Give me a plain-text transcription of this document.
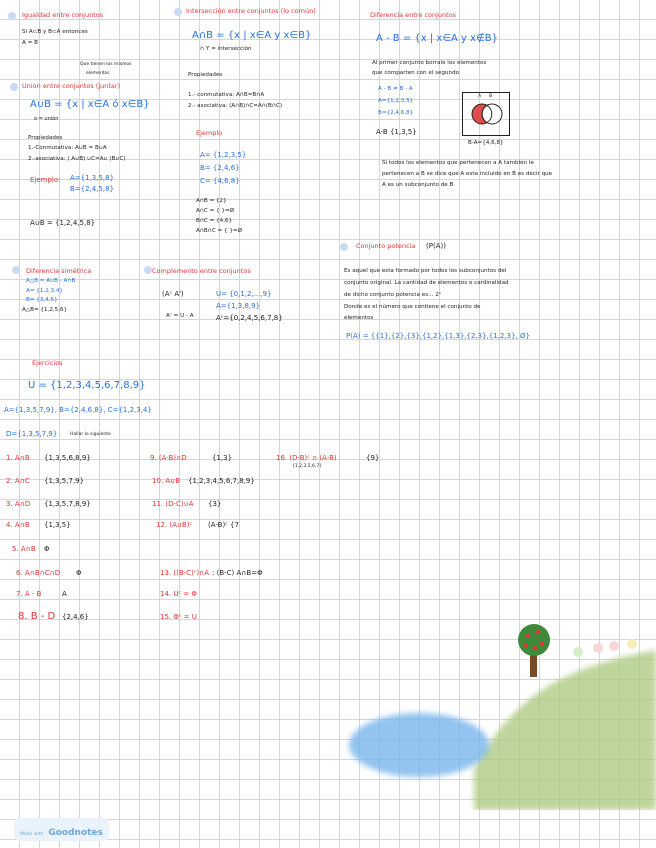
Igualdad entre conjuntos
Si A⊂B y B⊂A entonces
A = B
Que tienen los mismos
elementos
Unión entre conjuntos (juntar)
A∪B = {x | x∈A ó x∈B}
ó = unión
Propiedades
1.-Conmutativa: A∪B = B∪A
2.-asociativa: ( A∪B) ∪C=A∪ (B∪C)
Ejemplo: A={1,3,5,8}
B={2,4,5,8}
A∪B = {1,2,4,5,8}
Intersección entre conjuntos (lo común)
A∩B = {x | x∈A y x∈B}
∩ Y = intersección
Propiedades
1.- conmutativa: A∩B=B∩A
2.- asociativa: (A∩B)∩C=A∩(B∩C)
Ejemplo
A= {1,2,3,5}
B= {2,4,6}
C= {4,6,8}
A∩B = {2}
A∩C = { }=Ø
B∩C = {4,6}
A∩B∩C = { }=Ø
Diferencia entre conjuntos
A - B = {x | x∈A y x∉B}
Al primer conjunto borrale los elementos
que comparten con el segundo
A - B ≠ B - A
A={1,2,3,5}
B={2,4,6,8}
A-B {1,3,5}
A B
B-A={4,6,8}
Si todos los elementos que pertenecen a A también le
pertenecen a B se dice que A esta incluido en B es decir que
A es un subconjunto de B
Conjunto potencia (P(A))
Es aquel que esta formado por todos los subconjuntos del
conjunto original. La cantidad de elementos o cardinalidad
de dicho conjunto potencia es... 2ⁿ
Donde es el número que contiene el conjunto de
elementos
P(A) = {{1},{2},{3},{1,2},{1,3},{2,3},{1,2,3}, Ø}
Diferencia simétrica
A△B = A∪B - A∩B
A= {1,2,3,4}
B= {3,4,5}
A△B= {1,2,5,6}
Complemento entre conjuntos
(Aᶜ A')
Aᶜ = U - A
U= {0,1,2,...,9}
A={1,3,8,9}
Aᶜ={0,2,4,5,6,7,8}
Ejercicios
U = {1,2,3,4,5,6,7,8,9}
A={1,3,5,7,9}, B={2,4,6,8}, C={1,2,3,4}
D={1,3,5,7,9}	Hallar lo siguiente
1. A∩B {1,3,5,6,8,9}
2. A∩C {1,3,5,7,9}
3. A∩D {1,3,5,7,8,9}
4. A∩B {1,3,5}
5. A∩B Φ
6. A∩B∩C∩D Φ
7. A - B	A
8. B - D {2,4,6}
9. (A-B)∩D	{1,3}
10. A∪B {1,2,3,4,5,6,7,8,9}
11. (D-C)∪A {3}
12. (A∪B)ᶜ (A-B)ᶜ {7
13. ((B-C)ᶜ)∩A : (B-C) A∩B=Φ
14. Uᶜ = Φ
15. Φᶜ = U
16. (D-B)ᶜ ∩ (A-B)	{9}
{1,2,3,5,6,7}
Made with Goodnotes
